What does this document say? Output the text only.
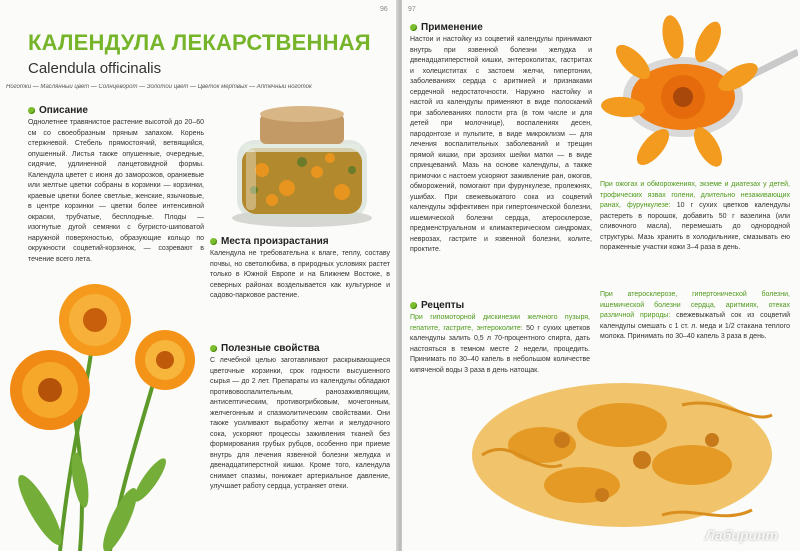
96
КАЛЕНДУЛА ЛЕКАРСТВЕННАЯ
Calendula officinalis
Ноготки — Маслянный цвет — Солнцеворот — Золотой цвет — Цветок мертвых — Аптечный ноготок
Описание
Однолетнее травянистое растение высотой до 20–60 см со своеобразным пряным запахом. Корень стержневой. Стебель прямостоячий, ветвящийся, опушенный. Листья также опушенные, очередные, сидячие, удлиненной ланцетовидной формы. Календула цветет с июня до заморозков, оранжевые или желтые цветки собраны в корзинки — корзинки, краевые цветки более светлые, женские, язычковые, в центре корзинки — цветки более интенсивной окраски, трубчатые, бесплодные. Плоды — изогнутые дугой семянки с бугристо-шиповатой наружной поверхностью, образующие кольцо по окружности соцветий-корзинок, — созревают в течение всего лета.
Места произрастания
Календула не требовательна к влаге, теплу, составу почвы, но светолюбива, в природных условиях растет только в Южной Европе и на Ближнем Востоке, в северных районах возделывается как культурное и садово-парковое растение.
Полезные свойства
С лечебной целью заготавливают раскрывающиеся цветочные корзинки, срок годности высушенного сырья — до 2 лет. Препараты из календулы обладают противовоспалительным, ранозаживляющим, антисептическим, противогрибковым, мочегонным, желчегонным и спазмолитическим свойствами. Они также усиливают выработку желчи и желудочного сока, ускоряют процессы заживления тканей без формирования грубых рубцов, особенно при приеме внутрь для лечения язвенной болезни желудка и двенадцатиперстной кишки. Кроме того, календула снимает спазмы, понижает артериальное давление, улучшает работу сердца, устраняет отеки.
97
Применение
Настои и настойку из соцветий календулы принимают внутрь при язвенной болезни желудка и двенадцатиперстной кишки, энтероколитах, гастритах и холециститах с застоем желчи, гипертонии, заболеваниях сердца с аритмией и признаками сердечной недостаточности. Наружно настойку и настой из календулы применяют в виде полосканий при заболеваниях полости рта (в том числе и для детей при молочнице), воспалениях десен, пародонтозе и пульпите, в виде микроклизм — для лечения воспалительных заболеваний и трещин прямой кишки, при эрозиях шейки матки — в виде спринцеваний. Мазь на основе календулы, а также примочки с настоем ускоряют заживление ран, ожогов, обморожений, помогают при фурункулезе, пролежнях, ушибах. При свежевыжатого сока из соцветий календулы эффективен при гипертонической болезни, ишемической болезни сердца, атеросклерозе, предменструальном и климактерическом синдромах, неврозах, гастрите и язвенной болезни, колите, проктите.
Рецепты
При гипомоторной дискинезии желчного пузыря, гепатите, гастрите, энтероколите: 50 г сухих цветков календулы залить 0,5 л 70-процентного спирта, дать настояться в темном месте 2 недели, процедить. Принимать по 30–40 капель в небольшом количестве кипяченой воды 3 раза в день натощак.
При ожогах и обморожениях, экземе и диатезах у детей, трофических язвах голени, длительно незаживающих ранах, фурункулезе: 10 г сухих цветков календулы растереть в порошок, добавить 50 г вазелина (или сливочного масла), перемешать до однородной структуры. Мазь хранить в холодильнике, смазывать ею пораженные участки кожи 3–4 раза в день.
При атеросклерозе, гипертонической болезни, ишемической болезни сердца, аритмиях, отеках различной природы: свежевыжатый сок из соцветий календулы смешать с 1 ст. л. меда и 1/2 стакана теплого молока. Принимать по 30–40 капель 3 раза в день.
Лабиринт
